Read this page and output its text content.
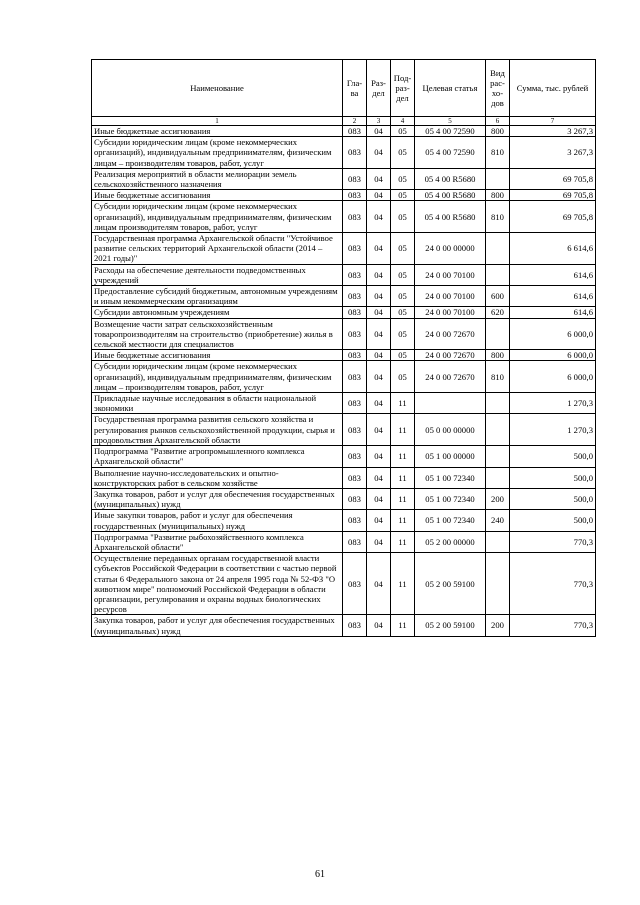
Наименование	Гла-ва	Раз-дел	Под-раз-дел	Целевая статья	Вид рас-хо-дов	Сумма, тыс. рублей
1	2	3	4	5	6	7
Иные бюджетные ассигнования	083	04	05	05 4 00 72590	800	3 267,3
Субсидии юридическим лицам (кроме некоммерческих организаций), индивидуальным предпринимателям, физическим лицам – производителям товаров, работ, услуг	083	04	05	05 4 00 72590	810	3 267,3
Реализация мероприятий в области мелиорации земель сельскохозяйственного назначения	083	04	05	05 4 00 R5680		69 705,8
Иные бюджетные ассигнования	083	04	05	05 4 00 R5680	800	69 705,8
Субсидии юридическим лицам (кроме некоммерческих организаций), индивидуальным предпринимателям, физическим лицам производителям товаров, работ, услуг	083	04	05	05 4 00 R5680	810	69 705,8
Государственная программа Архангельской области "Устойчивое развитие сельских территорий Архангельской области (2014 – 2021 годы)"	083	04	05	24 0 00 00000		6 614,6
Расходы на обеспечение деятельности подведомственных учреждений	083	04	05	24 0 00 70100		614,6
Предоставление субсидий бюджетным, автономным учреждениям и иным некоммерческим организациям	083	04	05	24 0 00 70100	600	614,6
Субсидии автономным учреждениям	083	04	05	24 0 00 70100	620	614,6
Возмещение части затрат сельскохозяйственным товаропроизводителям на строительство (приобретение) жилья в сельской местности для специалистов	083	04	05	24 0 00 72670		6 000,0
Иные бюджетные ассигнования	083	04	05	24 0 00 72670	800	6 000,0
Субсидии юридическим лицам (кроме некоммерческих организаций), индивидуальным предпринимателям, физическим лицам – производителям товаров, работ, услуг	083	04	05	24 0 00 72670	810	6 000,0
Прикладные научные исследования в области национальной экономики	083	04	11			1 270,3
Государственная программа развития сельского хозяйства и регулирования рынков сельскохозяйственной продукции, сырья и продовольствия Архангельской области	083	04	11	05 0 00 00000		1 270,3
Подпрограмма "Развитие агропромышленного комплекса Архангельской области"	083	04	11	05 1 00 00000		500,0
Выполнение научно-исследовательских и опытно-конструкторских работ в сельском хозяйстве	083	04	11	05 1 00 72340		500,0
Закупка товаров, работ и услуг для обеспечения государственных (муниципальных) нужд	083	04	11	05 1 00 72340	200	500,0
Иные закупки товаров, работ и услуг для обеспечения государственных (муниципальных) нужд	083	04	11	05 1 00 72340	240	500,0
Подпрограмма "Развитие рыбохозяйственного комплекса Архангельской области"	083	04	11	05 2 00 00000		770,3
Осуществление переданных органам государственной власти субъектов Российской Федерации в соответствии с частью первой статьи 6 Федерального закона от 24 апреля 1995 года № 52-ФЗ "О животном мире" полномочий Российской Федерации в области организации, регулирования и охраны водных биологических ресурсов	083	04	11	05 2 00 59100		770,3
Закупка товаров, работ и услуг для обеспечения государственных (муниципальных) нужд	083	04	11	05 2 00 59100	200	770,3
61
